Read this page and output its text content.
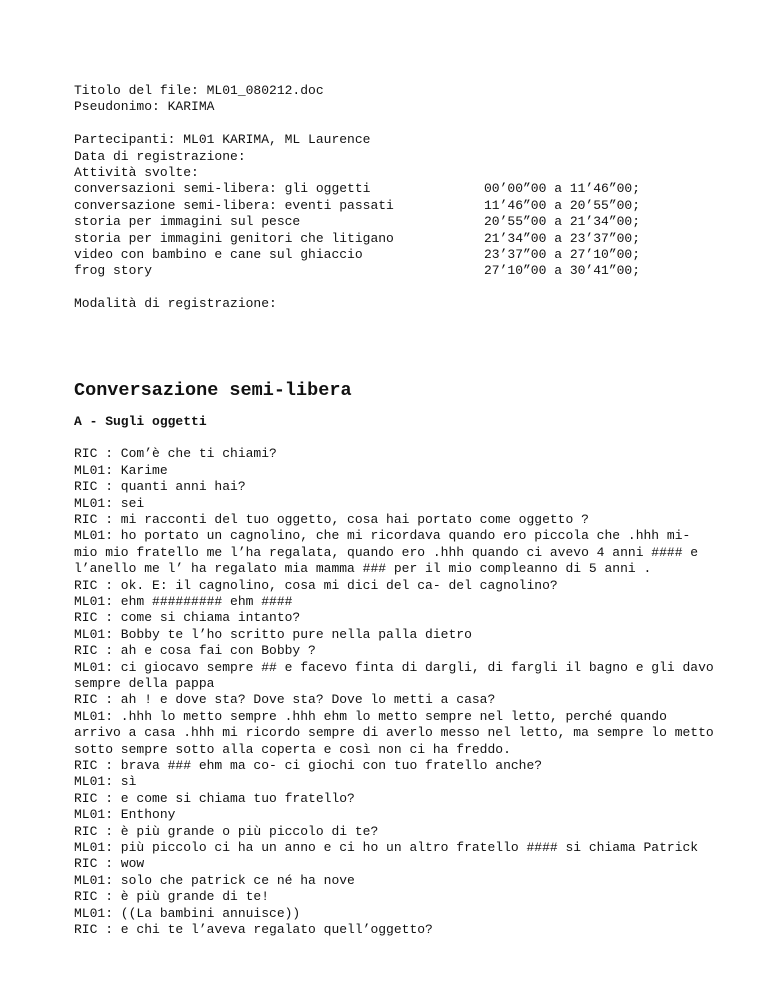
Titolo del file: ML01_080212.doc
Pseudonimo: KARIMA
Partecipanti: ML01 KARIMA, ML Laurence
Data di registrazione:
Attività svolte:
conversazioni semi-libera: gli oggetti	00’00”00 a 11’46”00;
conversazione semi-libera: eventi passati	11’46”00 a 20’55”00;
storia per immagini sul pesce	20’55”00 a 21’34”00;
storia per immagini genitori che litigano	21’34”00 a 23’37”00;
video con bambino e cane sul ghiaccio	23’37”00 a 27’10”00;
frog story	27’10”00 a 30’41”00;
Modalità di registrazione:
Conversazione semi-libera
A - Sugli oggetti
RIC : Com’è che ti chiami?
ML01: Karime
RIC : quanti anni hai?
ML01: sei
RIC : mi racconti del tuo oggetto, cosa hai portato come oggetto ?
ML01: ho portato un cagnolino, che mi ricordava quando ero piccola che .hhh mi- mio mio fratello me l’ha regalata, quando ero .hhh quando ci avevo 4 anni #### e l’anello me l’ ha regalato mia mamma ### per il mio compleanno di 5 anni .
RIC : ok. E: il cagnolino, cosa mi dici del ca- del cagnolino?
ML01: ehm ######### ehm ####
RIC : come si chiama intanto?
ML01: Bobby te l’ho scritto pure nella palla dietro
RIC : ah e cosa fai con Bobby ?
ML01: ci giocavo sempre ## e facevo finta di dargli, di fargli il bagno e gli davo sempre della pappa
RIC : ah ! e dove sta? Dove sta? Dove lo metti a casa?
ML01: .hhh lo metto sempre .hhh ehm lo metto sempre nel letto, perché quando arrivo a casa .hhh mi ricordo sempre di averlo messo nel letto, ma sempre lo metto sotto sempre sotto alla coperta e così non ci ha freddo.
RIC : brava ### ehm ma co- ci giochi con tuo fratello anche?
ML01: sì
RIC : e come si chiama tuo fratello?
ML01: Enthony
RIC : è più grande o più piccolo di te?
ML01: più piccolo ci ha un anno e ci ho un altro fratello #### si chiama Patrick
RIC : wow
ML01: solo che patrick ce né ha nove
RIC : è più grande di te!
ML01: ((La bambini annuisce))
RIC : e chi te l’aveva regalato quell’oggetto?
